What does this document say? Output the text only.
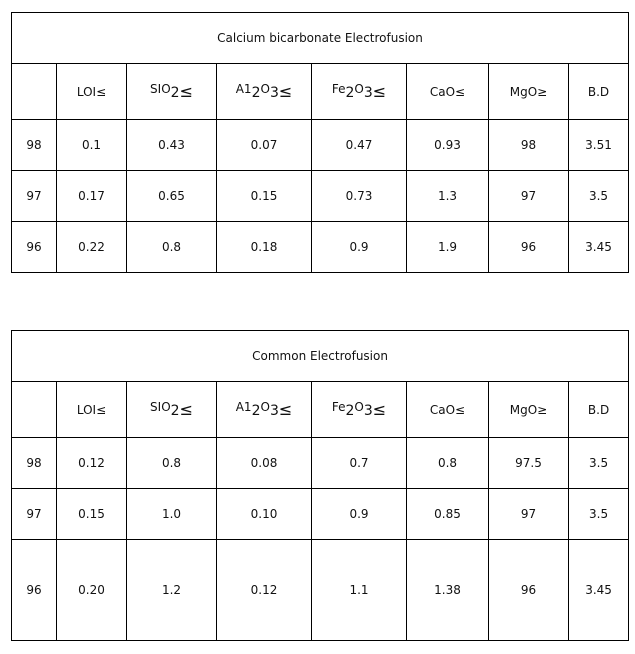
Calcium bicarbonate Electrofusion							
	LOI≤	$SIO_2\le$	$A1_2O_3\le$	$Fe_2O_3\le$	CaO≤	MgO≥	B.D
98	0.1	0.43	0.07	0.47	0.93	98	3.51
97	0.17	0.65	0.15	0.73	1.3	97	3.5
96	0.22	0.8	0.18	0.9	1.9	96	3.45
Common Electrofusion							
	LOI≤	$SIO_2\le$	$A1_2O_3\le$	$Fe_2O_3\le$	CaO≤	MgO≥	B.D
98	0.12	0.8	0.08	0.7	0.8	97.5	3.5
97	0.15	1.0	0.10	0.9	0.85	97	3.5
96	0.20	1.2	0.12	1.1	1.38	96	3.45
